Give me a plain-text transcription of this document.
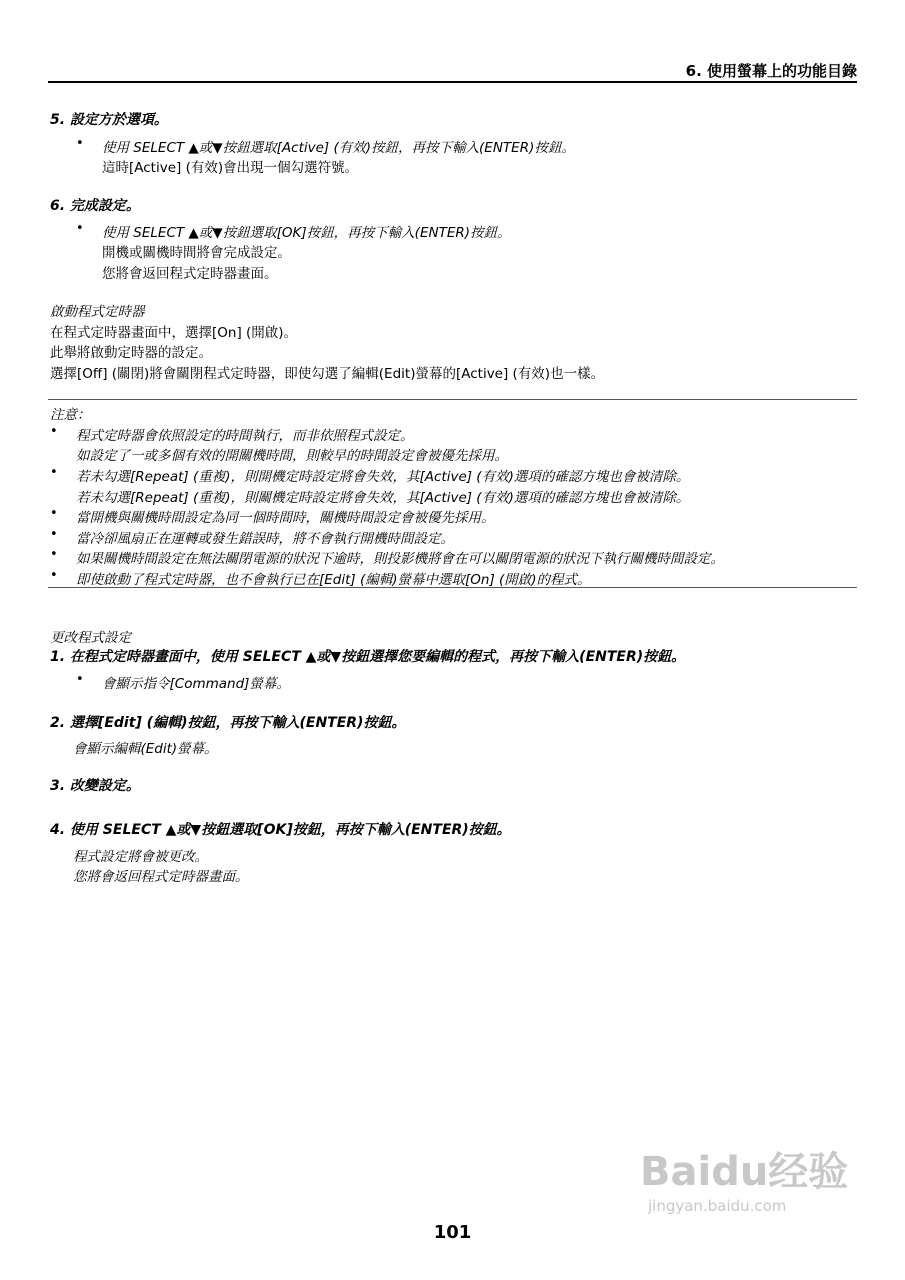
6. 使用螢幕上的功能目錄
5. 設定方於選項。
• 使用 SELECT ▲或▼按鈕選取[Active] (有效)按鈕，再按下輸入(ENTER)按鈕。
這時[Active] (有效)會出現一個勾選符號。
6. 完成設定。
• 使用 SELECT ▲或▼按鈕選取[OK]按鈕，再按下輸入(ENTER)按鈕。
開機或關機時間將會完成設定。
您將會返回程式定時器畫面。
啟動程式定時器
在程式定時器畫面中，選擇[On] (開啟)。
此舉將啟動定時器的設定。
選擇[Off] (關閉)將會關閉程式定時器，即使勾選了編輯(Edit)螢幕的[Active] (有效)也一樣。
注意：
• 程式定時器會依照設定的時間執行，而非依照程式設定。
如設定了一或多個有效的開關機時間，則較早的時間設定會被優先採用。
• 若未勾選[Repeat] (重複)，則開機定時設定將會失效，其[Active] (有效)選項的確認方塊也會被清除。
若未勾選[Repeat] (重複)，則關機定時設定將會失效，其[Active] (有效)選項的確認方塊也會被清除。
• 當開機與關機時間設定為同一個時間時，關機時間設定會被優先採用。
• 當冷卻風扇正在運轉或發生錯誤時，將不會執行開機時間設定。
• 如果關機時間設定在無法關閉電源的狀況下逾時，則投影機將會在可以關閉電源的狀況下執行關機時間設定。
• 即使啟動了程式定時器，也不會執行已在[Edit] (編輯)螢幕中選取[On] (開啟)的程式。
更改程式設定
1. 在程式定時器畫面中，使用 SELECT ▲或▼按鈕選擇您要編輯的程式，再按下輸入(ENTER)按鈕。
• 會顯示指令[Command]螢幕。
2. 選擇[Edit] (編輯)按鈕，再按下輸入(ENTER)按鈕。
會顯示編輯(Edit)螢幕。
3. 改變設定。
4. 使用 SELECT ▲或▼按鈕選取[OK]按鈕，再按下輸入(ENTER)按鈕。
程式設定將會被更改。
您將會返回程式定時器畫面。
Baidu经验
jingyan.baidu.com
101
